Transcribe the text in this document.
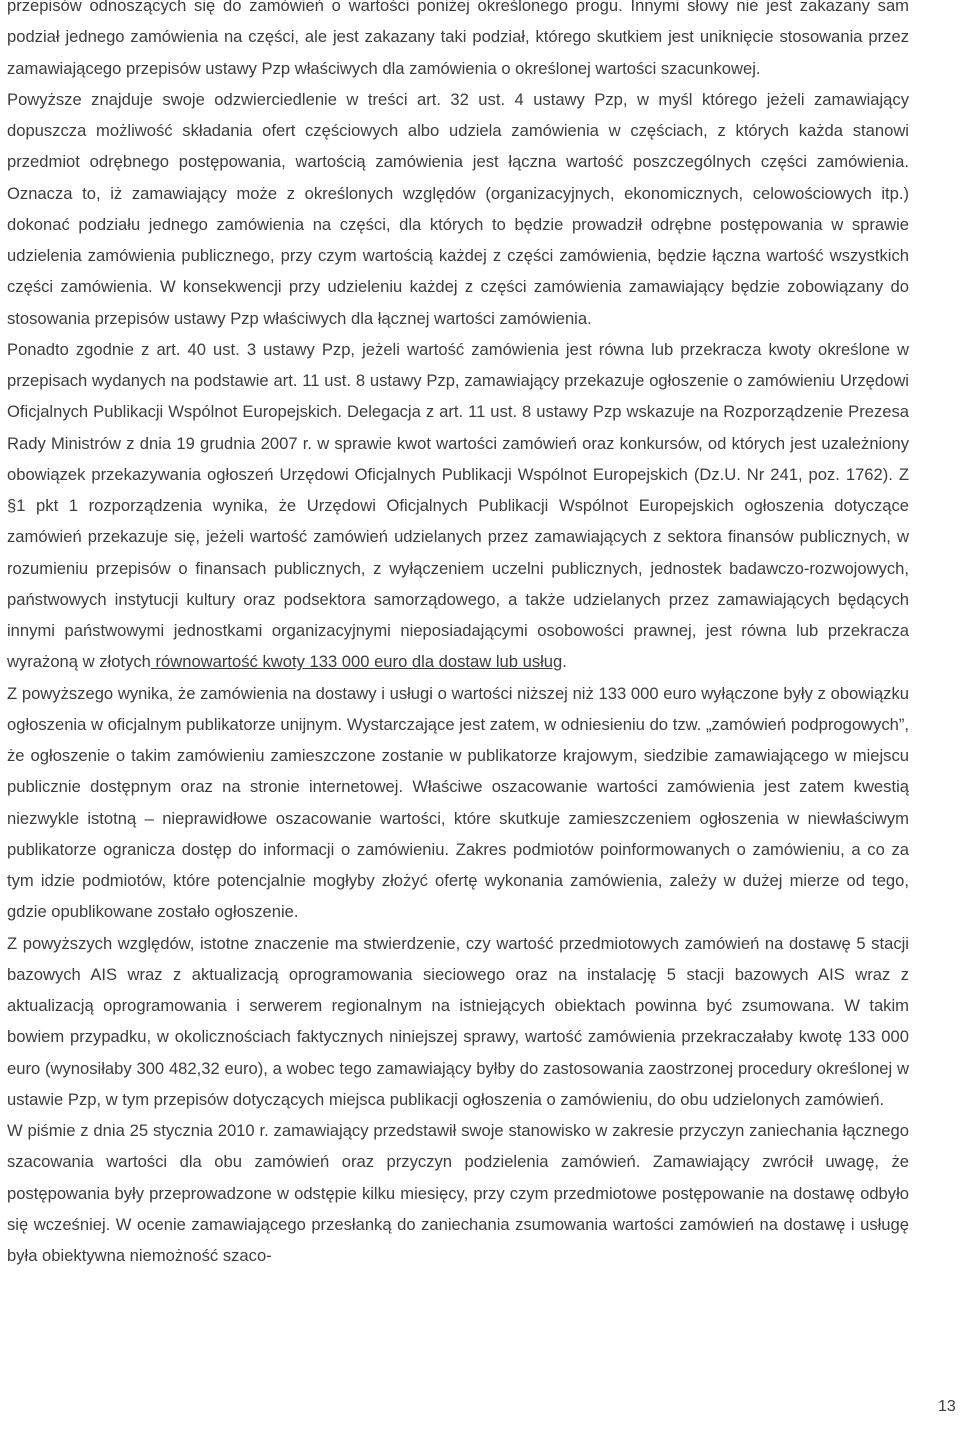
przepisów odnoszących się do zamówień o wartości poniżej określonego progu. Innymi słowy nie jest zakazany sam podział jednego zamówienia na części, ale jest zakazany taki podział, którego skutkiem jest uniknięcie stosowania przez zamawiającego przepisów ustawy Pzp właściwych dla zamówienia o określonej wartości szacunkowej.

Powyższe znajduje swoje odzwierciedlenie w treści art. 32 ust. 4 ustawy Pzp, w myśl którego jeżeli zamawiający dopuszcza możliwość składania ofert częściowych albo udziela zamówienia w częściach, z których każda stanowi przedmiot odrębnego postępowania, wartością zamówienia jest łączna wartość poszczególnych części zamówienia. Oznacza to, iż zamawiający może z określonych względów (organizacyjnych, ekonomicznych, celowościowych itp.) dokonać podziału jednego zamówienia na części, dla których to będzie prowadził odrębne postępowania w sprawie udzielenia zamówienia publicznego, przy czym wartością każdej z części zamówienia, będzie łączna wartość wszystkich części zamówienia. W konsekwencji przy udzieleniu każdej z części zamówienia zamawiający będzie zobowiązany do stosowania przepisów ustawy Pzp właściwych dla łącznej wartości zamówienia.

Ponadto zgodnie z art. 40 ust. 3 ustawy Pzp, jeżeli wartość zamówienia jest równa lub przekracza kwoty określone w przepisach wydanych na podstawie art. 11 ust. 8 ustawy Pzp, zamawiający przekazuje ogłoszenie o zamówieniu Urzędowi Oficjalnych Publikacji Wspólnot Europejskich. Delegacja z art. 11 ust. 8 ustawy Pzp wskazuje na Rozporządzenie Prezesa Rady Ministrów z dnia 19 grudnia 2007 r. w sprawie kwot wartości zamówień oraz konkursów, od których jest uzależniony obowiązek przekazywania ogłoszeń Urzędowi Oficjalnych Publikacji Wspólnot Europejskich (Dz.U. Nr 241, poz. 1762). Z §1 pkt 1 rozporządzenia wynika, że Urzędowi Oficjalnych Publikacji Wspólnot Europejskich ogłoszenia dotyczące zamówień przekazuje się, jeżeli wartość zamówień udzielanych przez zamawiających z sektora finansów publicznych, w rozumieniu przepisów o finansach publicznych, z wyłączeniem uczelni publicznych, jednostek badawczo-rozwojowych, państwowych instytucji kultury oraz podsektora samorządowego, a także udzielanych przez zamawiających będących innymi państwowymi jednostkami organizacyjnymi nieposiadającymi osobowości prawnej, jest równa lub przekracza wyrażoną w złotych równowartość kwoty 133 000 euro dla dostaw lub usług.

Z powyższego wynika, że zamówienia na dostawy i usługi o wartości niższej niż 133 000 euro wyłączone były z obowiązku ogłoszenia w oficjalnym publikatorze unijnym. Wystarczające jest zatem, w odniesieniu do tzw. „zamówień podprogowych”, że ogłoszenie o takim zamówieniu zamieszczone zostanie w publikatorze krajowym, siedzibie zamawiającego w miejscu publicznie dostępnym oraz na stronie internetowej. Właściwe oszacowanie wartości zamówienia jest zatem kwestią niezwykle istotną – nieprawidłowe oszacowanie wartości, które skutkuje zamieszczeniem ogłoszenia w niewłaściwym publikatorze ogranicza dostęp do informacji o zamówieniu. Zakres podmiotów poinformowanych o zamówieniu, a co za tym idzie podmiotów, które potencjalnie mogłyby złożyć ofertę wykonania zamówienia, zależy w dużej mierze od tego, gdzie opublikowane zostało ogłoszenie.

Z powyższych względów, istotne znaczenie ma stwierdzenie, czy wartość przedmiotowych zamówień na dostawę 5 stacji bazowych AIS wraz z aktualizacją oprogramowania sieciowego oraz na instalację 5 stacji bazowych AIS wraz z aktualizacją oprogramowania i serwerem regionalnym na istniejących obiektach powinna być zsumowana. W takim bowiem przypadku, w okolicznościach faktycznych niniejszej sprawy, wartość zamówienia przekraczałaby kwotę 133 000 euro (wynosiłaby 300 482,32 euro), a wobec tego zamawiający byłby do zastosowania zaostrzonej procedury określonej w ustawie Pzp, w tym przepisów dotyczących miejsca publikacji ogłoszenia o zamówieniu, do obu udzielonych zamówień.

W piśmie z dnia 25 stycznia 2010 r. zamawiający przedstawił swoje stanowisko w zakresie przyczyn zaniechania łącznego szacowania wartości dla obu zamówień oraz przyczyn podzielenia zamówień. Zamawiający zwrócił uwagę, że postępowania były przeprowadzone w odstępie kilku miesięcy, przy czym przedmiotowe postępowanie na dostawę odbyło się wcześniej. W ocenie zamawiającego przesłanką do zaniechania zsumowania wartości zamówień na dostawę i usługę była obiektywna niemożność szaco-

13
